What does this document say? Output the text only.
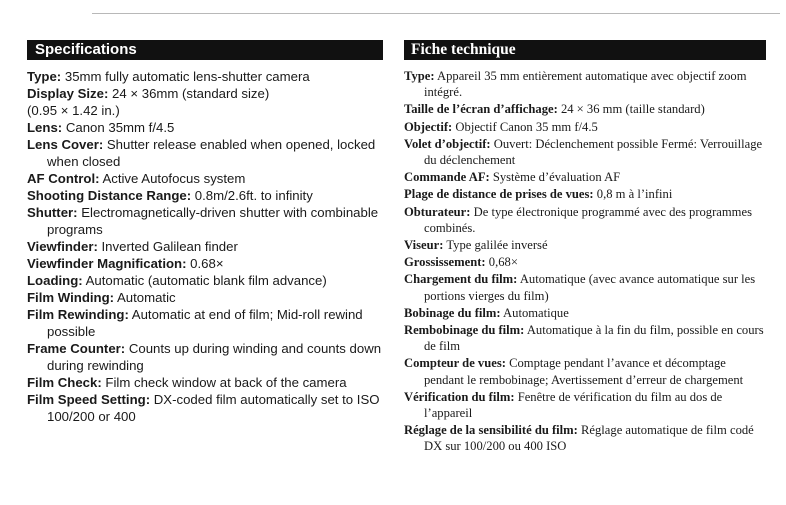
Specifications
Type: 35mm fully automatic lens-shutter camera
Display Size: 24 × 36mm (standard size)
(0.95 × 1.42 in.)
Lens: Canon 35mm f/4.5
Lens Cover: Shutter release enabled when opened, locked when closed
AF Control: Active Autofocus system
Shooting Distance Range: 0.8m/2.6ft. to infinity
Shutter: Electromagnetically-driven shutter with combinable programs
Viewfinder: Inverted Galilean finder
Viewfinder Magnification: 0.68×
Loading: Automatic (automatic blank film advance)
Film Winding: Automatic
Film Rewinding: Automatic at end of film; Mid-roll rewind possible
Frame Counter: Counts up during winding and counts down during rewinding
Film Check: Film check window at back of the camera
Film Speed Setting: DX-coded film automatically set to ISO 100/200 or 400
Fiche technique
Type: Appareil 35 mm entièrement automatique avec objectif zoom intégré.
Taille de l’écran d’affichage: 24 × 36 mm (taille standard)
Objectif: Objectif Canon 35 mm f/4.5
Volet d’objectif: Ouvert: Déclenchement possible Fermé: Verrouillage du déclenchement
Commande AF: Système d’évaluation AF
Plage de distance de prises de vues: 0,8 m à l’infini
Obturateur: De type électronique programmé avec des programmes combinés.
Viseur: Type galilée inversé
Grossissement: 0,68×
Chargement du film: Automatique (avec avance automatique sur les portions vierges du film)
Bobinage du film: Automatique
Rembobinage du film: Automatique à la fin du film, possible en cours de film
Compteur de vues: Comptage pendant l’avance et décomptage pendant le rembobinage; Avertissement d’erreur de chargement
Vérification du film: Fenêtre de vérification du film au dos de l’appareil
Réglage de la sensibilité du film: Réglage automatique de film codé DX sur 100/200 ou 400 ISO
